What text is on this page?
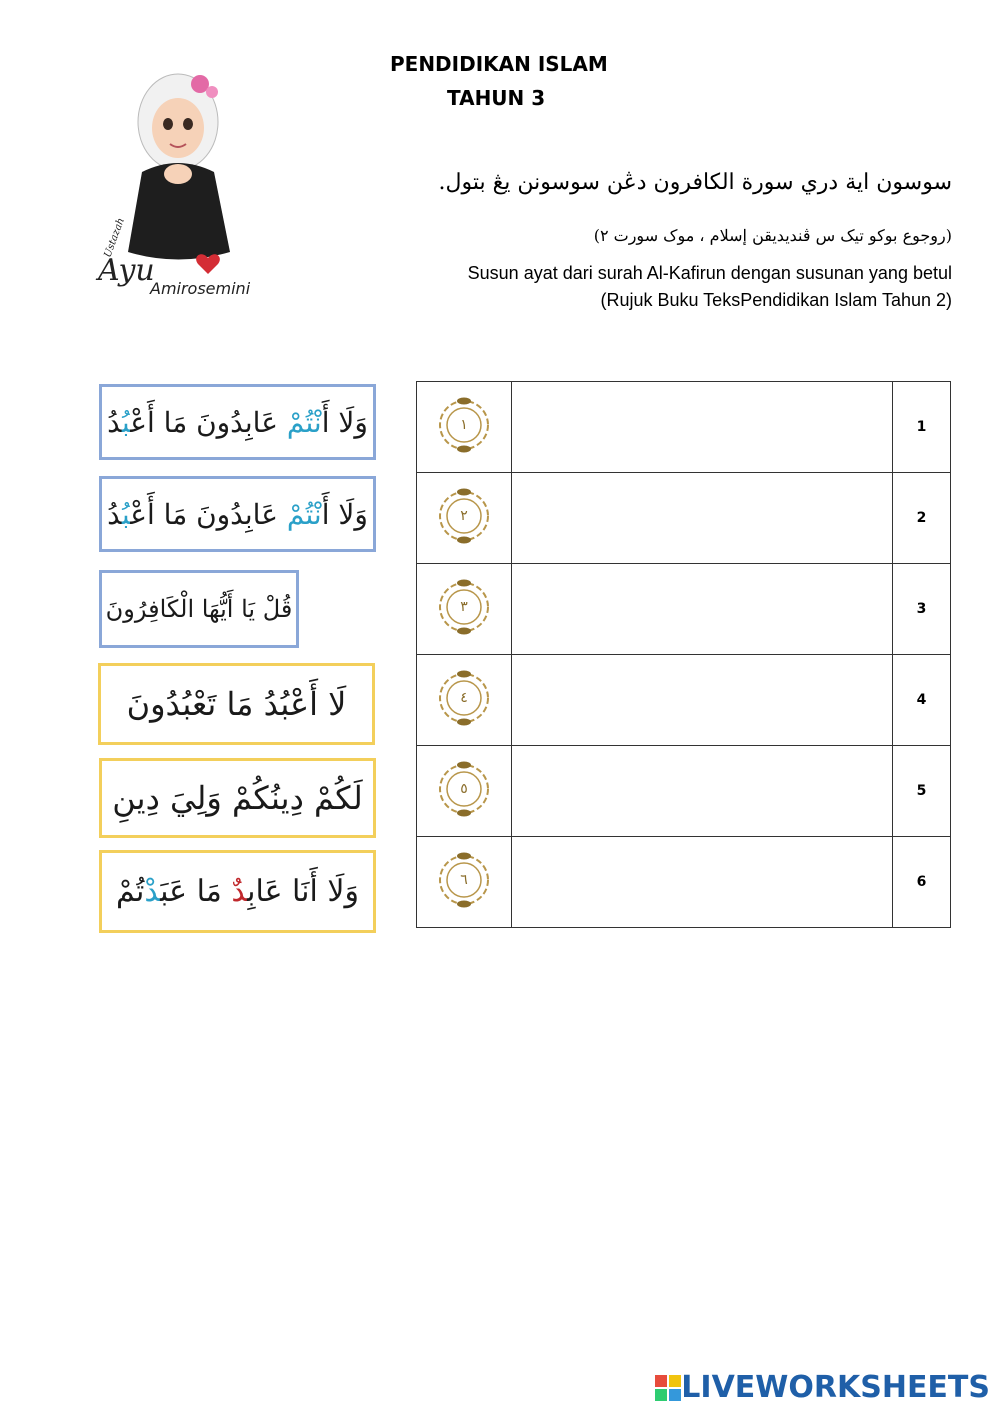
PENDIDIKAN ISLAM
TAHUN 3
Ayu
Amirosemini
Ustazah
سوسون اية دري سورة الكافرون دڠن سوسونن يڠ بتول.
(روجوع بوکو تيک س ڤنديديقن إسلام ، موک سورت ٢)
Susun ayat dari surah Al-Kafirun dengan susunan yang betul
(Rujuk Buku TeksPendidikan Islam Tahun 2)
وَلَا أَنْتُمْ عَابِدُونَ مَا أَعْبُدُ
وَلَا أَنْتُمْ عَابِدُونَ مَا أَعْبُدُ
قُلْ يَا أَيُّهَا الْكَافِرُونَ
لَا أَعْبُدُ مَا تَعْبُدُونَ
لَكُمْ دِينُكُمْ وَلِيَ دِينِ
وَلَا أَنَا عَابِدٌ مَا عَبَدْتُمْ
١		1

٢		2

٣		3

٤		4

٥		5

٦		6
LIVEWORKSHEETS
